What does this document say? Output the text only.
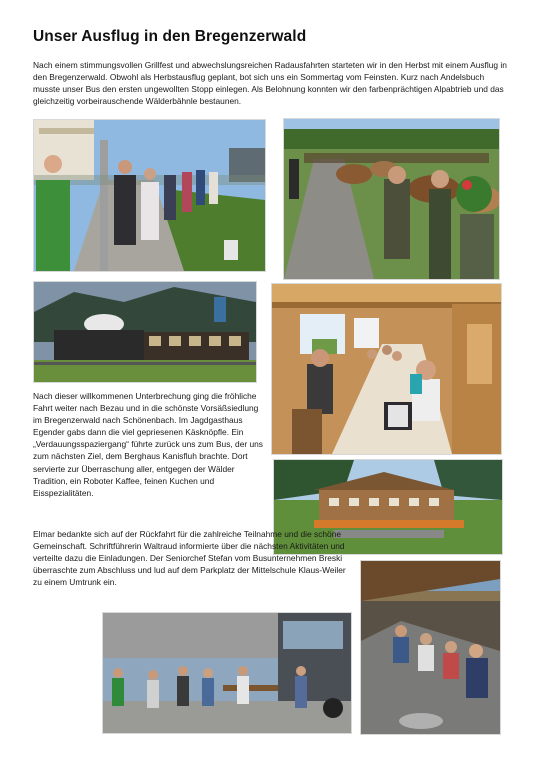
Unser Ausflug in den Bregenzerwald

Nach einem stimmungsvollen Grillfest und abwechslungsreichen Radausfahrten starteten wir in den Herbst mit einem Ausflug in den Bregenzerwald. Obwohl als Herbstausflug geplant, bot sich uns ein Sommertag vom Feinsten. Kurz nach Andelsbuch musste unser Bus den ersten ungewollten Stopp einlegen. Als Belohnung konnten wir den farbenprächtigen Alpabtrieb und das gleichzeitig vorbeirauschende Wälderbähnle bestaunen.

Nach dieser willkommenen Unterbrechung ging die fröhliche Fahrt weiter nach Bezau und in die schönste Vorsäßsiedlung im Bregenzerwald nach Schönenbach. Im Jagdgasthaus Egender gabs dann die viel gepriesenen Käsknöpfle. Ein „Verdauungsspaziergang“ führte zurück uns zum Bus, der uns zum nächsten Ziel, dem Berghaus Kanisfluh brachte. Dort servierte zur Überraschung aller, entgegen der Wälder Tradition, ein Roboter Kaffee, feinen Kuchen und Eisspezialitäten.

Elmar bedankte sich auf der Rückfahrt für die zahlreiche Teilnahme und die schöne Gemeinschaft. Schriftführerin Waltraud informierte über die nächsten Aktivitäten und verteilte dazu die Einladungen. Der Seniorchef Stefan vom Busunternehmen Breski überraschte zum Abschluss und lud auf dem Parkplatz der Mittelschule Klaus-Weiler zu einem Umtrunk ein.
